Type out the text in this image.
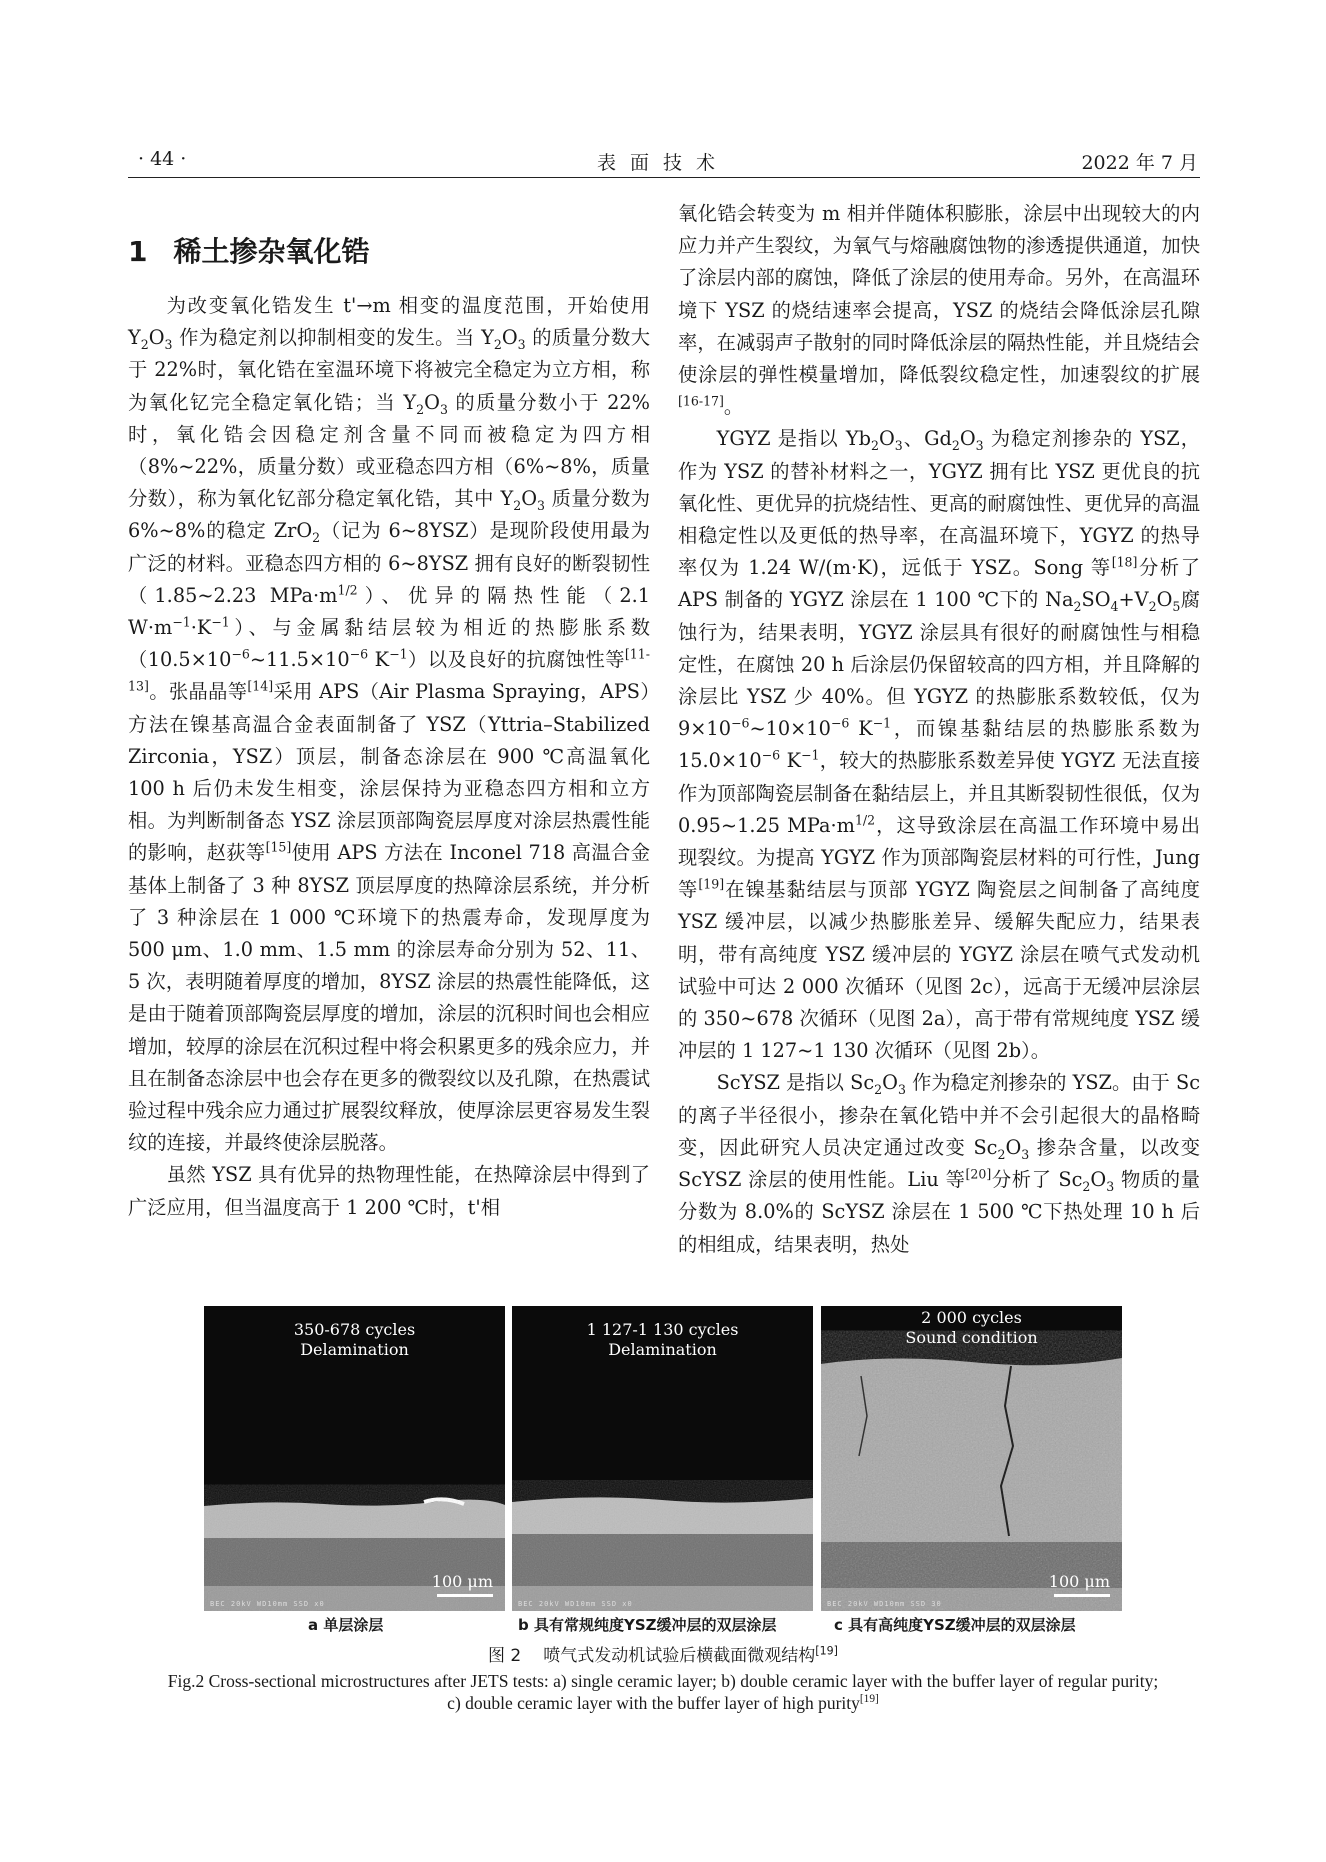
· 44 ·	表面技术	2022 年 7 月
1 稀土掺杂氧化锆

为改变氧化锆发生 t'→m 相变的温度范围，开始使用 $Y_2O_3$ 作为稳定剂以抑制相变的发生。当 $Y_2O_3$ 的质量分数大于 22%时，氧化锆在室温环境下将被完全稳定为立方相，称为氧化钇完全稳定氧化锆；当 $Y_2O_3$ 的质量分数小于 22%时，氧化锆会因稳定剂含量不同而被稳定为四方相（8%~22%，质量分数）或亚稳态四方相（6%~8%，质量分数），称为氧化钇部分稳定氧化锆，其中 $Y_2O_3$ 质量分数为 6%~8%的稳定 ZrO$_2$（记为 6~8YSZ）是现阶段使用最为广泛的材料。亚稳态四方相的 6~8YSZ 拥有良好的断裂韧性（1.85~2.23 $MPa\cdot m^{1/2}$）、优异的隔热性能（2.1 $W\cdot m^{-1}\cdot K^{-1}$）、与金属黏结层较为相近的热膨胀系数（$10.5\times 10^{-6}\sim 11.5\times 10^{-6}$ $K^{-1}$）以及良好的抗腐蚀性等[11-13]。张晶晶等[14]采用 APS（Air Plasma Spraying，APS）方法在镍基高温合金表面制备了 YSZ（Yttria–Stabilized Zirconia，YSZ）顶层，制备态涂层在 900 ℃高温氧化 100 h 后仍未发生相变，涂层保持为亚稳态四方相和立方相。为判断制备态 YSZ 涂层顶部陶瓷层厚度对涂层热震性能的影响，赵荻等[15]使用 APS 方法在 Inconel 718 高温合金基体上制备了 3 种 8YSZ 顶层厚度的热障涂层系统，并分析了 3 种涂层在 1 000 ℃环境下的热震寿命，发现厚度为 500 μm、1.0 mm、1.5 mm 的涂层寿命分别为 52、11、5 次，表明随着厚度的增加，8YSZ 涂层的热震性能降低，这是由于随着顶部陶瓷层厚度的增加，涂层的沉积时间也会相应增加，较厚的涂层在沉积过程中将会积累更多的残余应力，并且在制备态涂层中也会存在更多的微裂纹以及孔隙，在热震试验过程中残余应力通过扩展裂纹释放，使厚涂层更容易发生裂纹的连接，并最终使涂层脱落。

虽然 YSZ 具有优异的热物理性能，在热障涂层中得到了广泛应用，但当温度高于 1 200 ℃时，t'相

氧化锆会转变为 m 相并伴随体积膨胀，涂层中出现较大的内应力并产生裂纹，为氧气与熔融腐蚀物的渗透提供通道，加快了涂层内部的腐蚀，降低了涂层的使用寿命。另外，在高温环境下 YSZ 的烧结速率会提高，YSZ 的烧结会降低涂层孔隙率，在减弱声子散射的同时降低涂层的隔热性能，并且烧结会使涂层的弹性模量增加，降低裂纹稳定性，加速裂纹的扩展[16-17]。

YGYZ 是指以 $Yb_2O_3$、$Gd_2O_3$ 为稳定剂掺杂的 YSZ，作为 YSZ 的替补材料之一，YGYZ 拥有比 YSZ 更优良的抗氧化性、更优异的抗烧结性、更高的耐腐蚀性、更优异的高温相稳定性以及更低的热导率，在高温环境下，YGYZ 的热导率仅为 1.24 W/(m·K)，远低于 YSZ。Song 等[18]分析了 APS 制备的 YGYZ 涂层在 1 100 ℃下的 $Na_2SO_4+V_2O_5$腐蚀行为，结果表明，YGYZ 涂层具有很好的耐腐蚀性与相稳定性，在腐蚀 20 h 后涂层仍保留较高的四方相，并且降解的涂层比 YSZ 少 40%。但 YGYZ 的热膨胀系数较低，仅为 $9\times 10^{-6}\sim 10\times 10^{-6}$ $K^{-1}$，而镍基黏结层的热膨胀系数为 $15.0\times 10^{-6}$ $K^{-1}$，较大的热膨胀系数差异使 YGYZ 无法直接作为顶部陶瓷层制备在黏结层上，并且其断裂韧性很低，仅为 0.95~1.25 $MPa\cdot m^{1/2}$，这导致涂层在高温工作环境中易出现裂纹。为提高 YGYZ 作为顶部陶瓷层材料的可行性，Jung 等[19]在镍基黏结层与顶部 YGYZ 陶瓷层之间制备了高纯度 YSZ 缓冲层，以减少热膨胀差异、缓解失配应力，结果表明，带有高纯度 YSZ 缓冲层的 YGYZ 涂层在喷气式发动机试验中可达 2 000 次循环（见图 2c），远高于无缓冲层涂层的 350~678 次循环（见图 2a），高于带有常规纯度 YSZ 缓冲层的 1 127~1 130 次循环（见图 2b）。

ScYSZ 是指以 $Sc_2O_3$ 作为稳定剂掺杂的 YSZ。由于 Sc 的离子半径很小，掺杂在氧化锆中并不会引起很大的晶格畸变，因此研究人员决定通过改变 $Sc_2O_3$ 掺杂含量，以改变 ScYSZ 涂层的使用性能。Liu 等[20]分析了 $Sc_2O_3$ 物质的量分数为 8.0%的 ScYSZ 涂层在 1 500 ℃下热处理 10 h 后的相组成，结果表明，热处

350-678 cycles
Delamination
100 μm
BEC 20kV WD10mm SSD x0
1 127-1 130 cycles
Delamination
BEC 20kV WD10mm SSD x0
2 000 cycles
Sound condition
100 μm
BEC 20kV WD10mm SSD 30
a 单层涂层	b 具有常规纯度YSZ缓冲层的双层涂层	c 具有高纯度YSZ缓冲层的双层涂层
图 2 喷气式发动机试验后横截面微观结构[19]
Fig.2 Cross-sectional microstructures after JETS tests: a) single ceramic layer; b) double ceramic layer with the buffer layer of regular purity; c) double ceramic layer with the buffer layer of high purity[19]
